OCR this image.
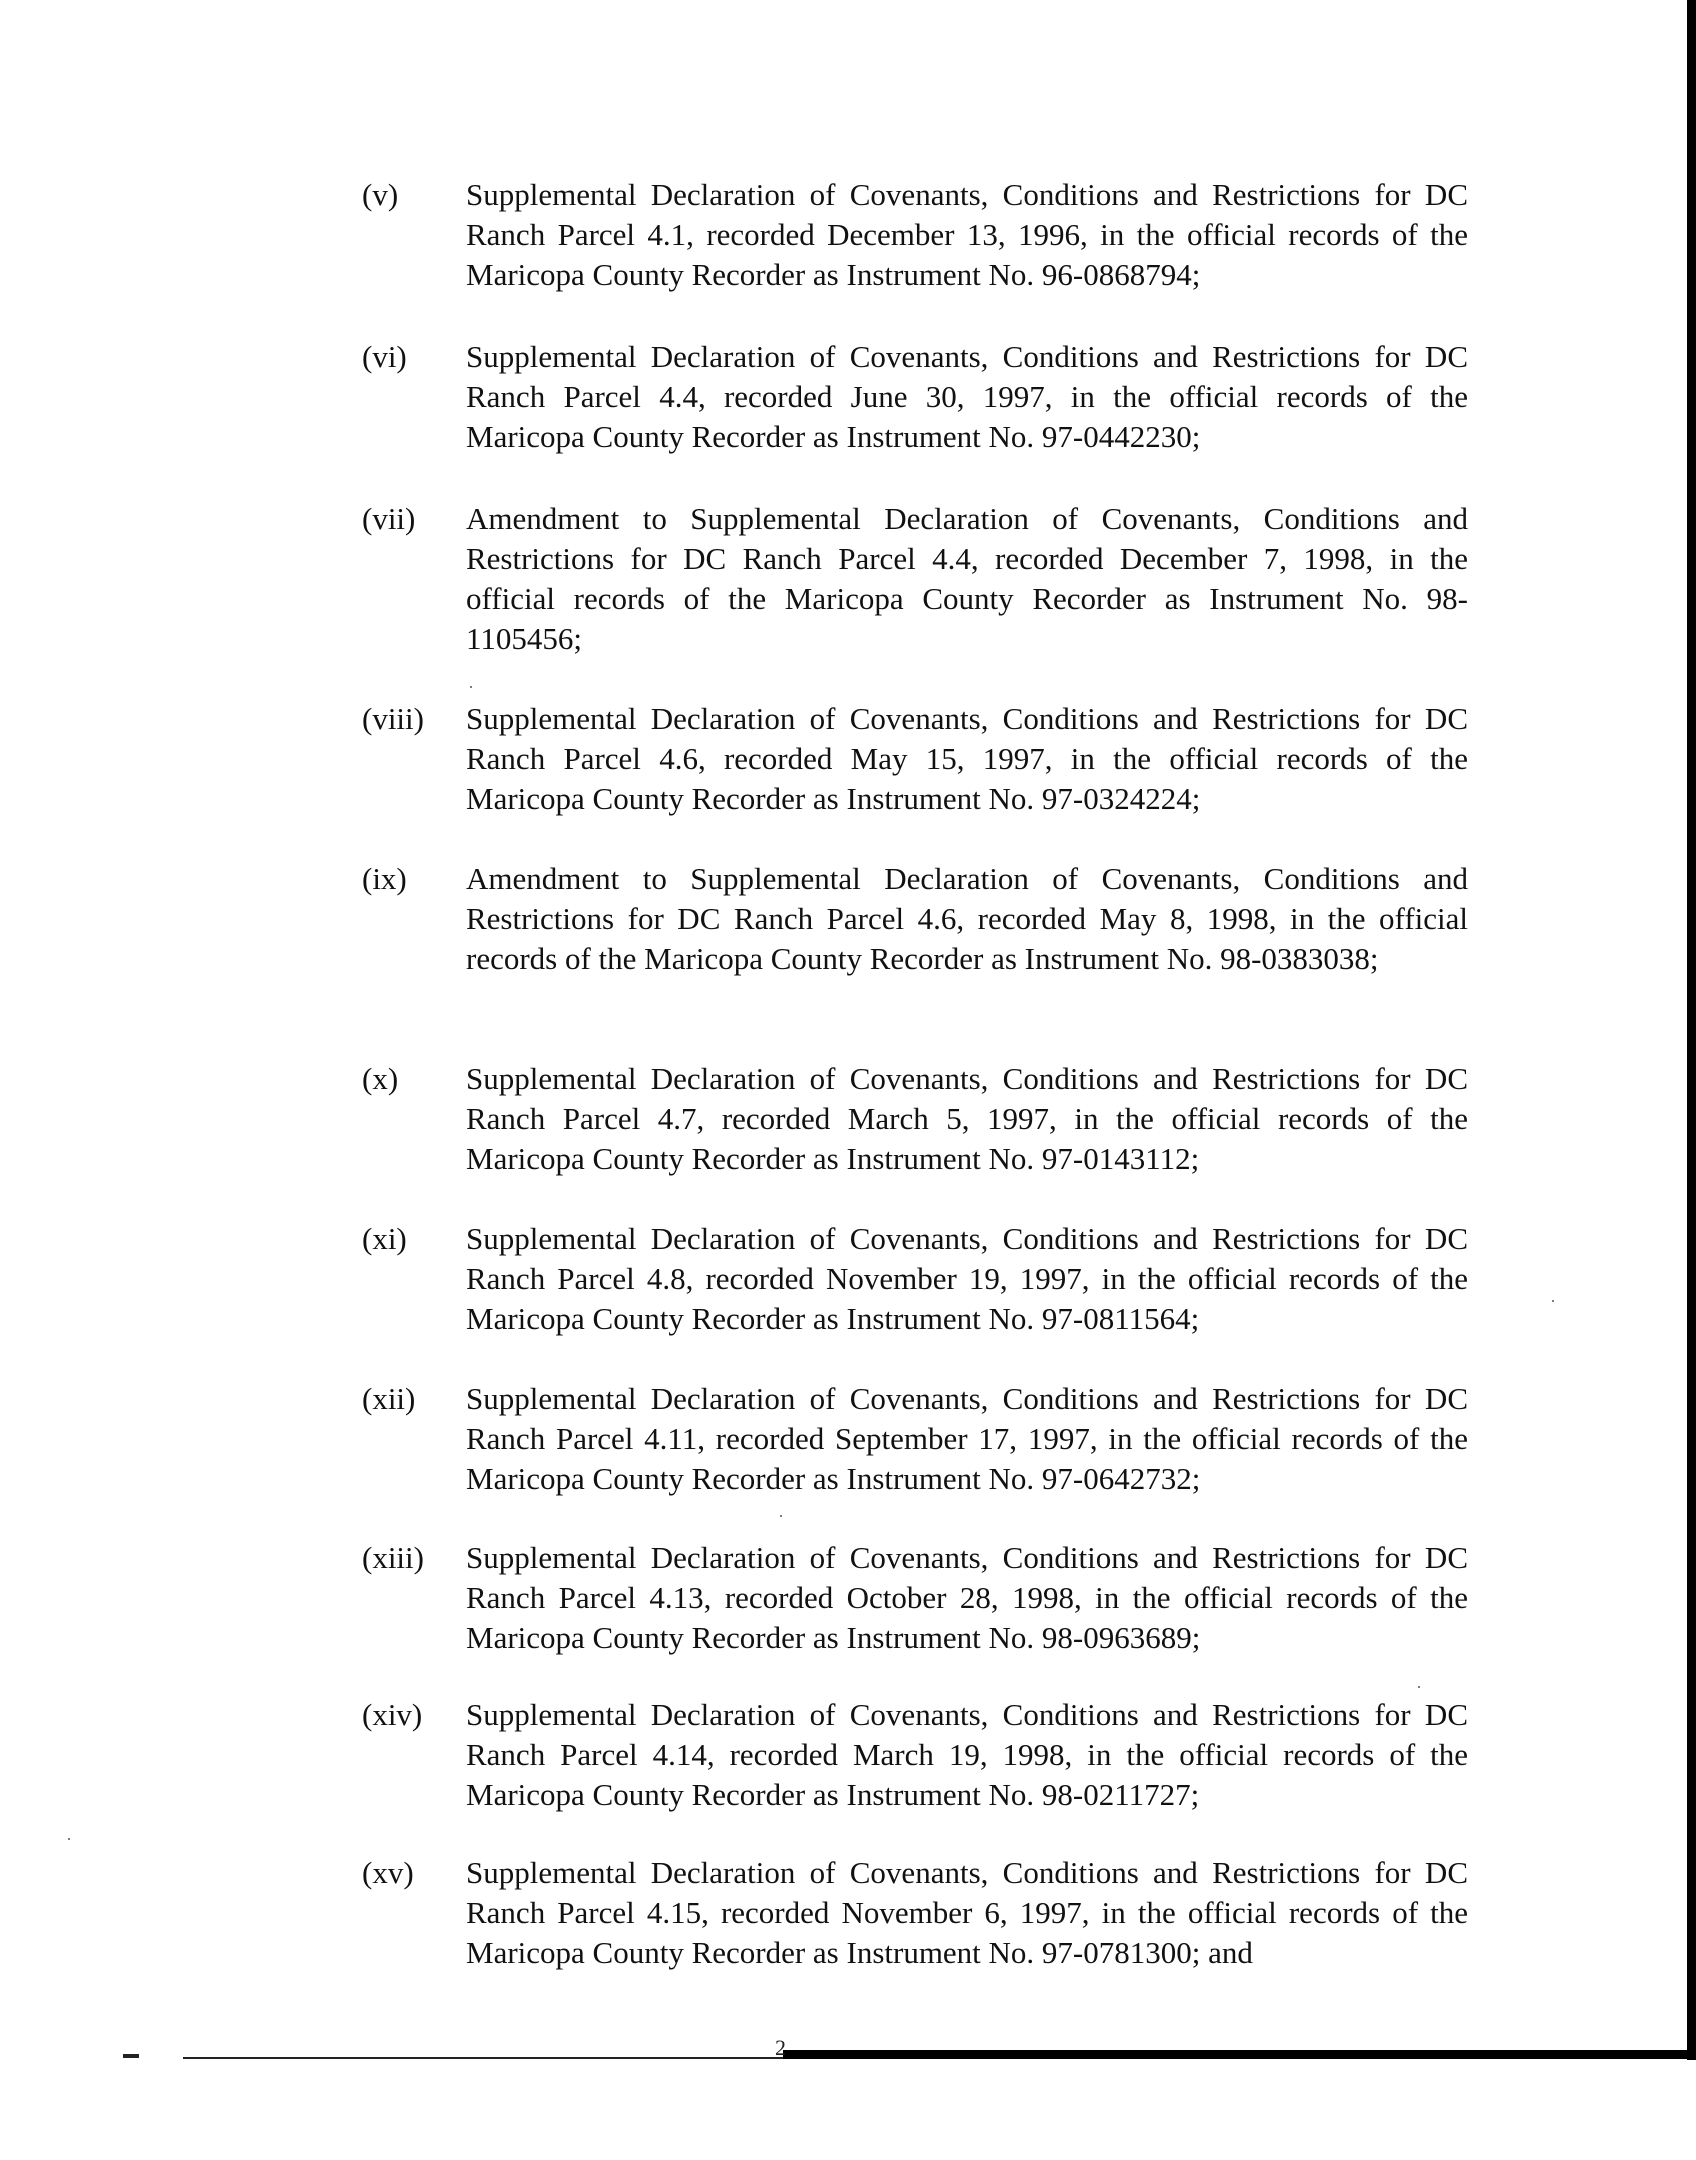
(v) Supplemental Declaration of Covenants, Conditions and Restrictions for DC Ranch Parcel 4.1, recorded December 13, 1996, in the official records of the Maricopa County Recorder as Instrument No. 96-0868794;
(vi) Supplemental Declaration of Covenants, Conditions and Restrictions for DC Ranch Parcel 4.4, recorded June 30, 1997, in the official records of the Maricopa County Recorder as Instrument No. 97-0442230;
(vii) Amendment to Supplemental Declaration of Covenants, Conditions and Restrictions for DC Ranch Parcel 4.4, recorded December 7, 1998, in the official records of the Maricopa County Recorder as Instrument No. 98-1105456;
(viii) Supplemental Declaration of Covenants, Conditions and Restrictions for DC Ranch Parcel 4.6, recorded May 15, 1997, in the official records of the Maricopa County Recorder as Instrument No. 97-0324224;
(ix) Amendment to Supplemental Declaration of Covenants, Conditions and Restrictions for DC Ranch Parcel 4.6, recorded May 8, 1998, in the official records of the Maricopa County Recorder as Instrument No. 98-0383038;
(x) Supplemental Declaration of Covenants, Conditions and Restrictions for DC Ranch Parcel 4.7, recorded March 5, 1997, in the official records of the Maricopa County Recorder as Instrument No. 97-0143112;
(xi) Supplemental Declaration of Covenants, Conditions and Restrictions for DC Ranch Parcel 4.8, recorded November 19, 1997, in the official records of the Maricopa County Recorder as Instrument No. 97-0811564;
(xii) Supplemental Declaration of Covenants, Conditions and Restrictions for DC Ranch Parcel 4.11, recorded September 17, 1997, in the official records of the Maricopa County Recorder as Instrument No. 97-0642732;
(xiii) Supplemental Declaration of Covenants, Conditions and Restrictions for DC Ranch Parcel 4.13, recorded October 28, 1998, in the official records of the Maricopa County Recorder as Instrument No. 98-0963689;
(xiv) Supplemental Declaration of Covenants, Conditions and Restrictions for DC Ranch Parcel 4.14, recorded March 19, 1998, in the official records of the Maricopa County Recorder as Instrument No. 98-0211727;
(xv) Supplemental Declaration of Covenants, Conditions and Restrictions for DC Ranch Parcel 4.15, recorded November 6, 1997, in the official records of the Maricopa County Recorder as Instrument No. 97-0781300; and
2
